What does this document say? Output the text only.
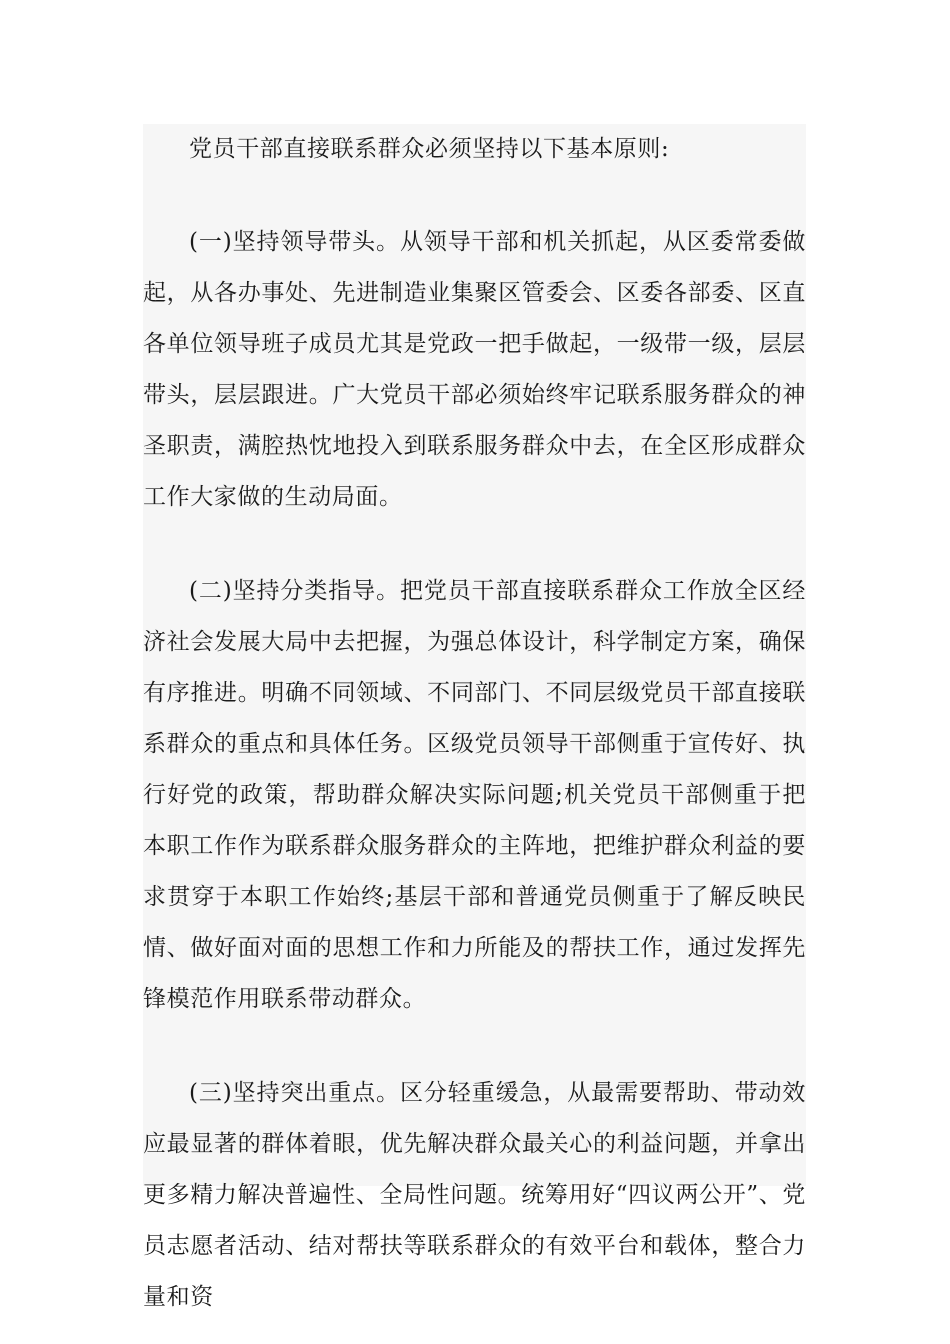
党员干部直接联系群众必须坚持以下基本原则:

(一)坚持领导带头。从领导干部和机关抓起，从区委常委做起，从各办事处、先进制造业集聚区管委会、区委各部委、区直各单位领导班子成员尤其是党政一把手做起，一级带一级，层层带头，层层跟进。广大党员干部必须始终牢记联系服务群众的神圣职责，满腔热忱地投入到联系服务群众中去，在全区形成群众工作大家做的生动局面。

(二)坚持分类指导。把党员干部直接联系群众工作放全区经济社会发展大局中去把握，为强总体设计，科学制定方案，确保有序推进。明确不同领域、不同部门、不同层级党员干部直接联系群众的重点和具体任务。区级党员领导干部侧重于宣传好、执行好党的政策，帮助群众解决实际问题;机关党员干部侧重于把本职工作作为联系群众服务群众的主阵地，把维护群众利益的要求贯穿于本职工作始终;基层干部和普通党员侧重于了解反映民情、做好面对面的思想工作和力所能及的帮扶工作，通过发挥先锋模范作用联系带动群众。

(三)坚持突出重点。区分轻重缓急，从最需要帮助、带动效应最显著的群体着眼，优先解决群众最关心的利益问题，并拿出更多精力解决普遍性、全局性问题。统筹用好“四议两公开”、党员志愿者活动、结对帮扶等联系群众的有效平台和载体，整合力量和资
